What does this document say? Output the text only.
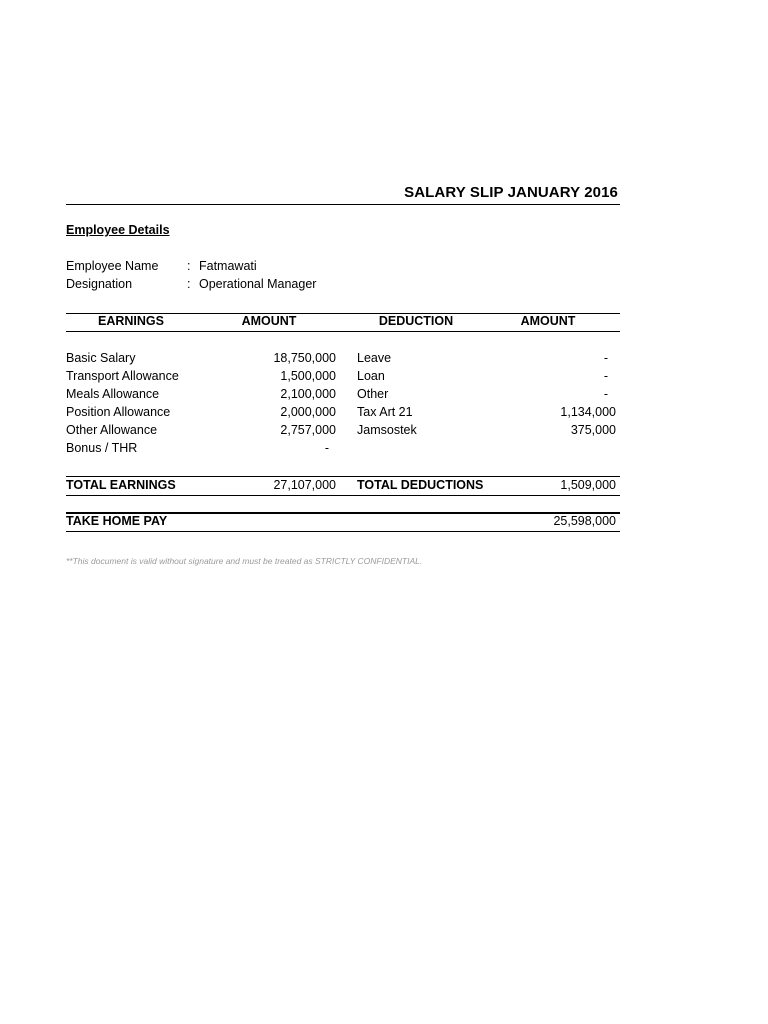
SALARY SLIP JANUARY 2016
Employee Details
Employee Name : Fatmawati
Designation	: Operational Manager
EARNINGS	AMOUNT	DEDUCTION	AMOUNT
Basic Salary	18,750,000 Leave	-
Transport Allowance	1,500,000 Loan	-
Meals Allowance	2,100,000 Other	-
Position Allowance	2,000,000 Tax Art 21	1,134,000
Other Allowance	2,757,000 Jamsostek	375,000
Bonus / THR	-
TOTAL EARNINGS	27,107,000 TOTAL DEDUCTIONS	1,509,000
TAKE HOME PAY	25,598,000
**This document is valid without signature and must be treated as STRICTLY CONFIDENTIAL.
